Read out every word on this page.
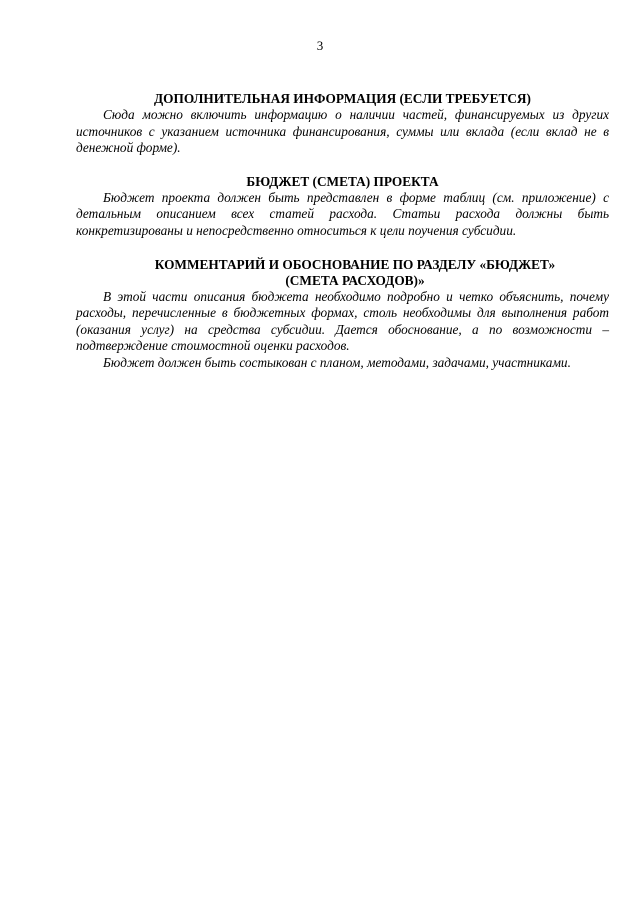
3
ДОПОЛНИТЕЛЬНАЯ ИНФОРМАЦИЯ (ЕСЛИ ТРЕБУЕТСЯ)

Сюда можно включить информацию о наличии частей, финансируемых из других источников с указанием источника финансирования, суммы или вклада (если вклад не в денежной форме).

БЮДЖЕТ (СМЕТА) ПРОЕКТА

Бюджет проекта должен быть представлен в форме таблиц (см. приложение) с детальным описанием всех статей расхода. Статьи расхода должны быть конкретизированы и непосредственно относиться к цели поучения субсидии.

КОММЕНТАРИЙ И ОБОСНОВАНИЕ ПО РАЗДЕЛУ «БЮДЖЕТ»
(СМЕТА РАСХОДОВ)»

В этой части описания бюджета необходимо подробно и четко объяснить, почему расходы, перечисленные в бюджетных формах, столь необходимы для выполнения работ (оказания услуг) на средства субсидии. Дается обоснование, а по возможности – подтверждение стоимостной оценки расходов.

Бюджет должен быть состыкован с планом, методами, задачами, участниками.
